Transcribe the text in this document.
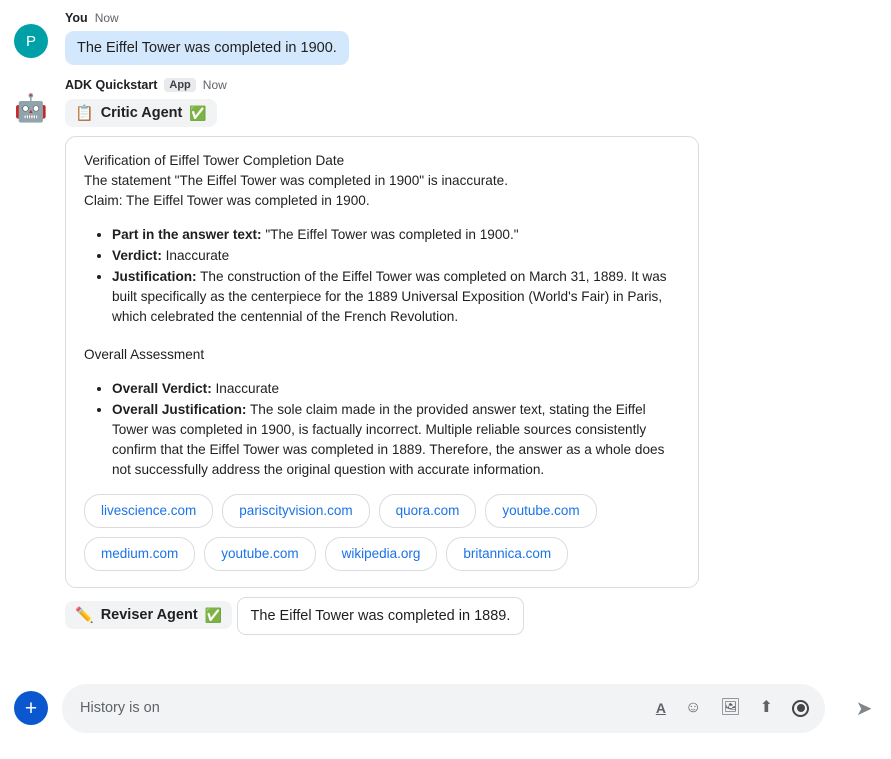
P
You Now
The Eiffel Tower was completed in 1900.
🤖
ADK Quickstart	App	Now
📋 Critic Agent ✅

Verification of Eiffel Tower Completion Date

The statement "The Eiffel Tower was completed in 1900" is inaccurate.

Claim: The Eiffel Tower was completed in 1900.

• Part in the answer text: "The Eiffel Tower was completed in 1900."
• Verdict: Inaccurate
• Justification: The construction of the Eiffel Tower was completed on March 31, 1889. It was built specifically as the centerpiece for the 1889 Universal Exposition (World's Fair) in Paris, which celebrated the centennial of the French Revolution.

Overall Assessment

• Overall Verdict: Inaccurate
• Overall Justification: The sole claim made in the provided answer text, stating the Eiffel Tower was completed in 1900, is factually incorrect. Multiple reliable sources consistently confirm that the Eiffel Tower was completed in 1889. Therefore, the answer as a whole does not successfully address the original question with accurate information.
livescience.com	pariscityvision.com	quora.com	youtube.com
medium.com	youtube.com	wikipedia.org	britannica.com
✏️ Reviser Agent ✅ The Eiffel Tower was completed in 1889.
+	History is on	A ☺ 🖼 ⬆	➤
